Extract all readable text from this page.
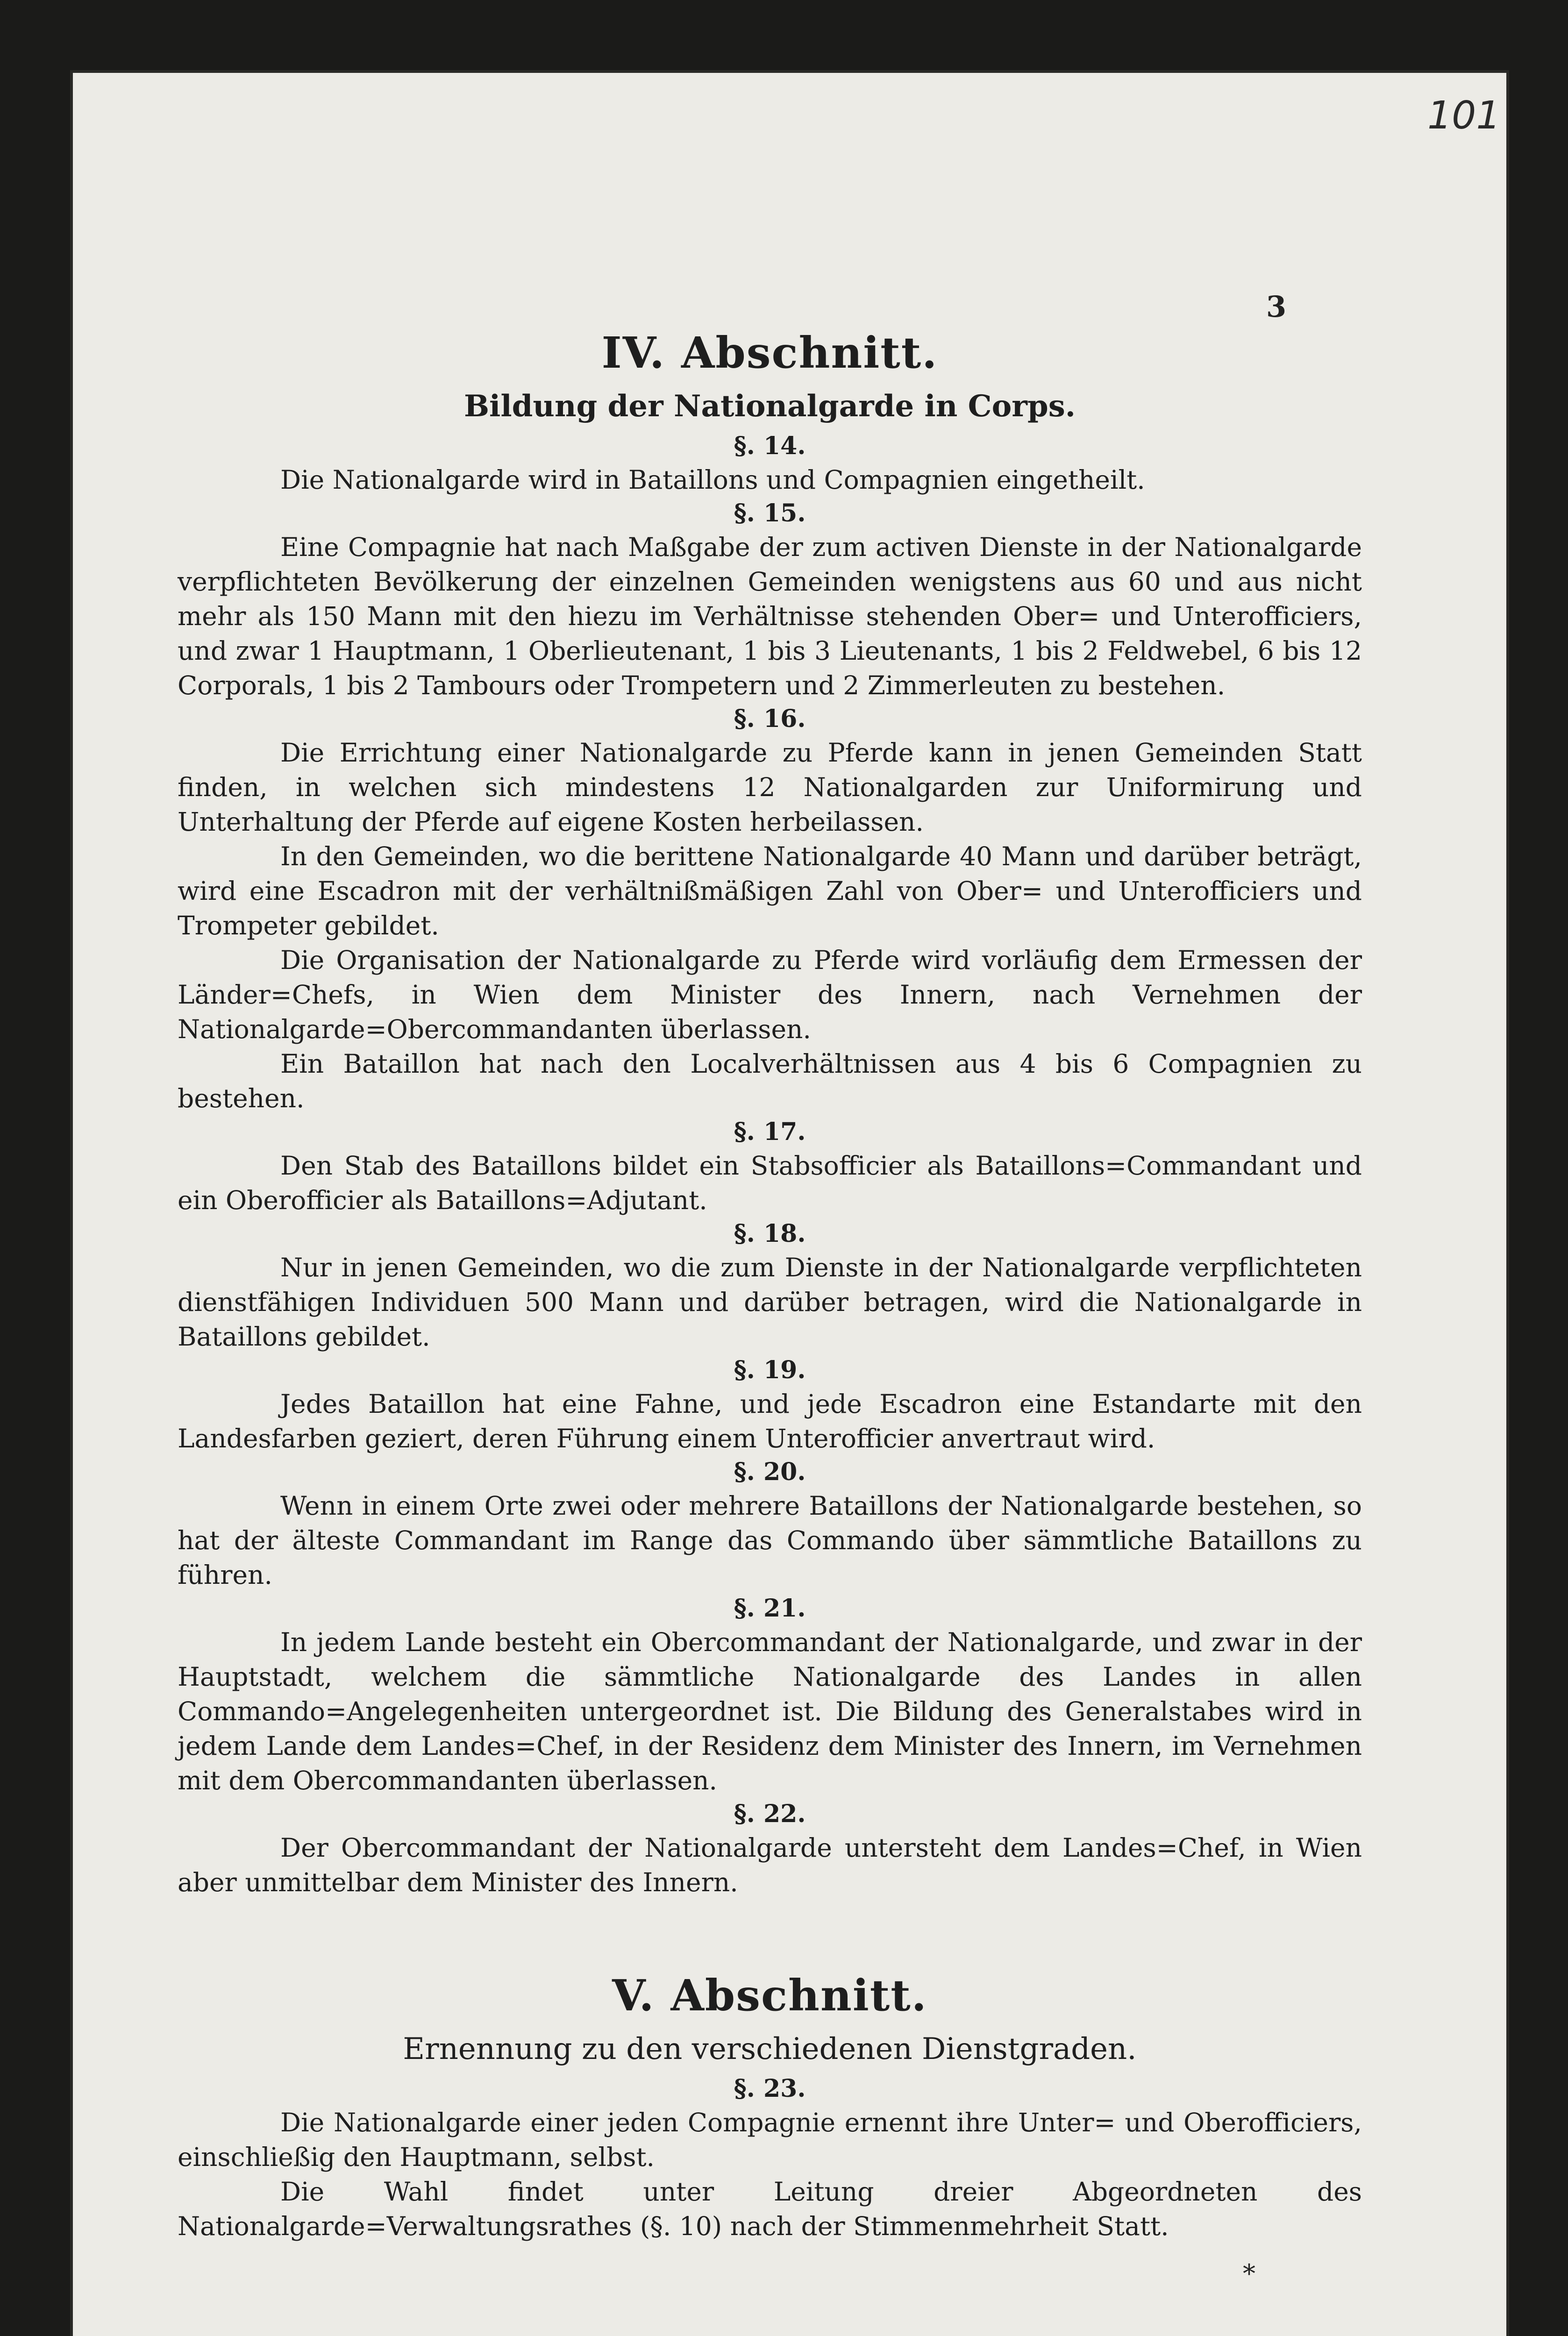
101
3
IV. Abschnitt.
Bildung der Nationalgarde in Corps.
§. 14.

Die Nationalgarde wird in Bataillons und Compagnien eingetheilt.

§. 15.

Eine Compagnie hat nach Maßgabe der zum activen Dienste in der Nationalgarde verpflichteten Bevölkerung der einzelnen Gemeinden wenigstens aus 60 und aus nicht mehr als 150 Mann mit den hiezu im Verhältnisse stehenden Ober= und Unterofficiers, und zwar 1 Hauptmann, 1 Oberlieutenant, 1 bis 3 Lieutenants, 1 bis 2 Feldwebel, 6 bis 12 Corporals, 1 bis 2 Tambours oder Trompetern und 2 Zimmerleuten zu bestehen.

§. 16.

Die Errichtung einer Nationalgarde zu Pferde kann in jenen Gemeinden Statt finden, in welchen sich mindestens 12 Nationalgarden zur Uniformirung und Unterhaltung der Pferde auf eigene Kosten herbeilassen.

In den Gemeinden, wo die berittene Nationalgarde 40 Mann und darüber beträgt, wird eine Escadron mit der verhältnißmäßigen Zahl von Ober= und Unterofficiers und Trompeter gebildet.

Die Organisation der Nationalgarde zu Pferde wird vorläufig dem Ermessen der Länder=Chefs, in Wien dem Minister des Innern, nach Vernehmen der Nationalgarde=Obercommandanten überlassen.

Ein Bataillon hat nach den Localverhältnissen aus 4 bis 6 Compagnien zu bestehen.

§. 17.

Den Stab des Bataillons bildet ein Stabsofficier als Bataillons=Commandant und ein Oberofficier als Bataillons=Adjutant.

§. 18.

Nur in jenen Gemeinden, wo die zum Dienste in der Nationalgarde verpflichteten dienstfähigen Individuen 500 Mann und darüber betragen, wird die Nationalgarde in Bataillons gebildet.

§. 19.

Jedes Bataillon hat eine Fahne, und jede Escadron eine Estandarte mit den Landesfarben geziert, deren Führung einem Unterofficier anvertraut wird.

§. 20.

Wenn in einem Orte zwei oder mehrere Bataillons der Nationalgarde bestehen, so hat der älteste Commandant im Range das Commando über sämmtliche Bataillons zu führen.

§. 21.

In jedem Lande besteht ein Obercommandant der Nationalgarde, und zwar in der Hauptstadt, welchem die sämmtliche Nationalgarde des Landes in allen Commando=Angelegenheiten untergeordnet ist. Die Bildung des Generalstabes wird in jedem Lande dem Landes=Chef, in der Residenz dem Minister des Innern, im Vernehmen mit dem Obercommandanten überlassen.

§. 22.

Der Obercommandant der Nationalgarde untersteht dem Landes=Chef, in Wien aber unmittelbar dem Minister des Innern.

V. Abschnitt.
Ernennung zu den verschiedenen Dienstgraden.
§. 23.

Die Nationalgarde einer jeden Compagnie ernennt ihre Unter= und Oberofficiers, einschließig den Hauptmann, selbst.

Die Wahl findet unter Leitung dreier Abgeordneten des Nationalgarde=Verwaltungsrathes (§. 10) nach der Stimmenmehrheit Statt.

*
